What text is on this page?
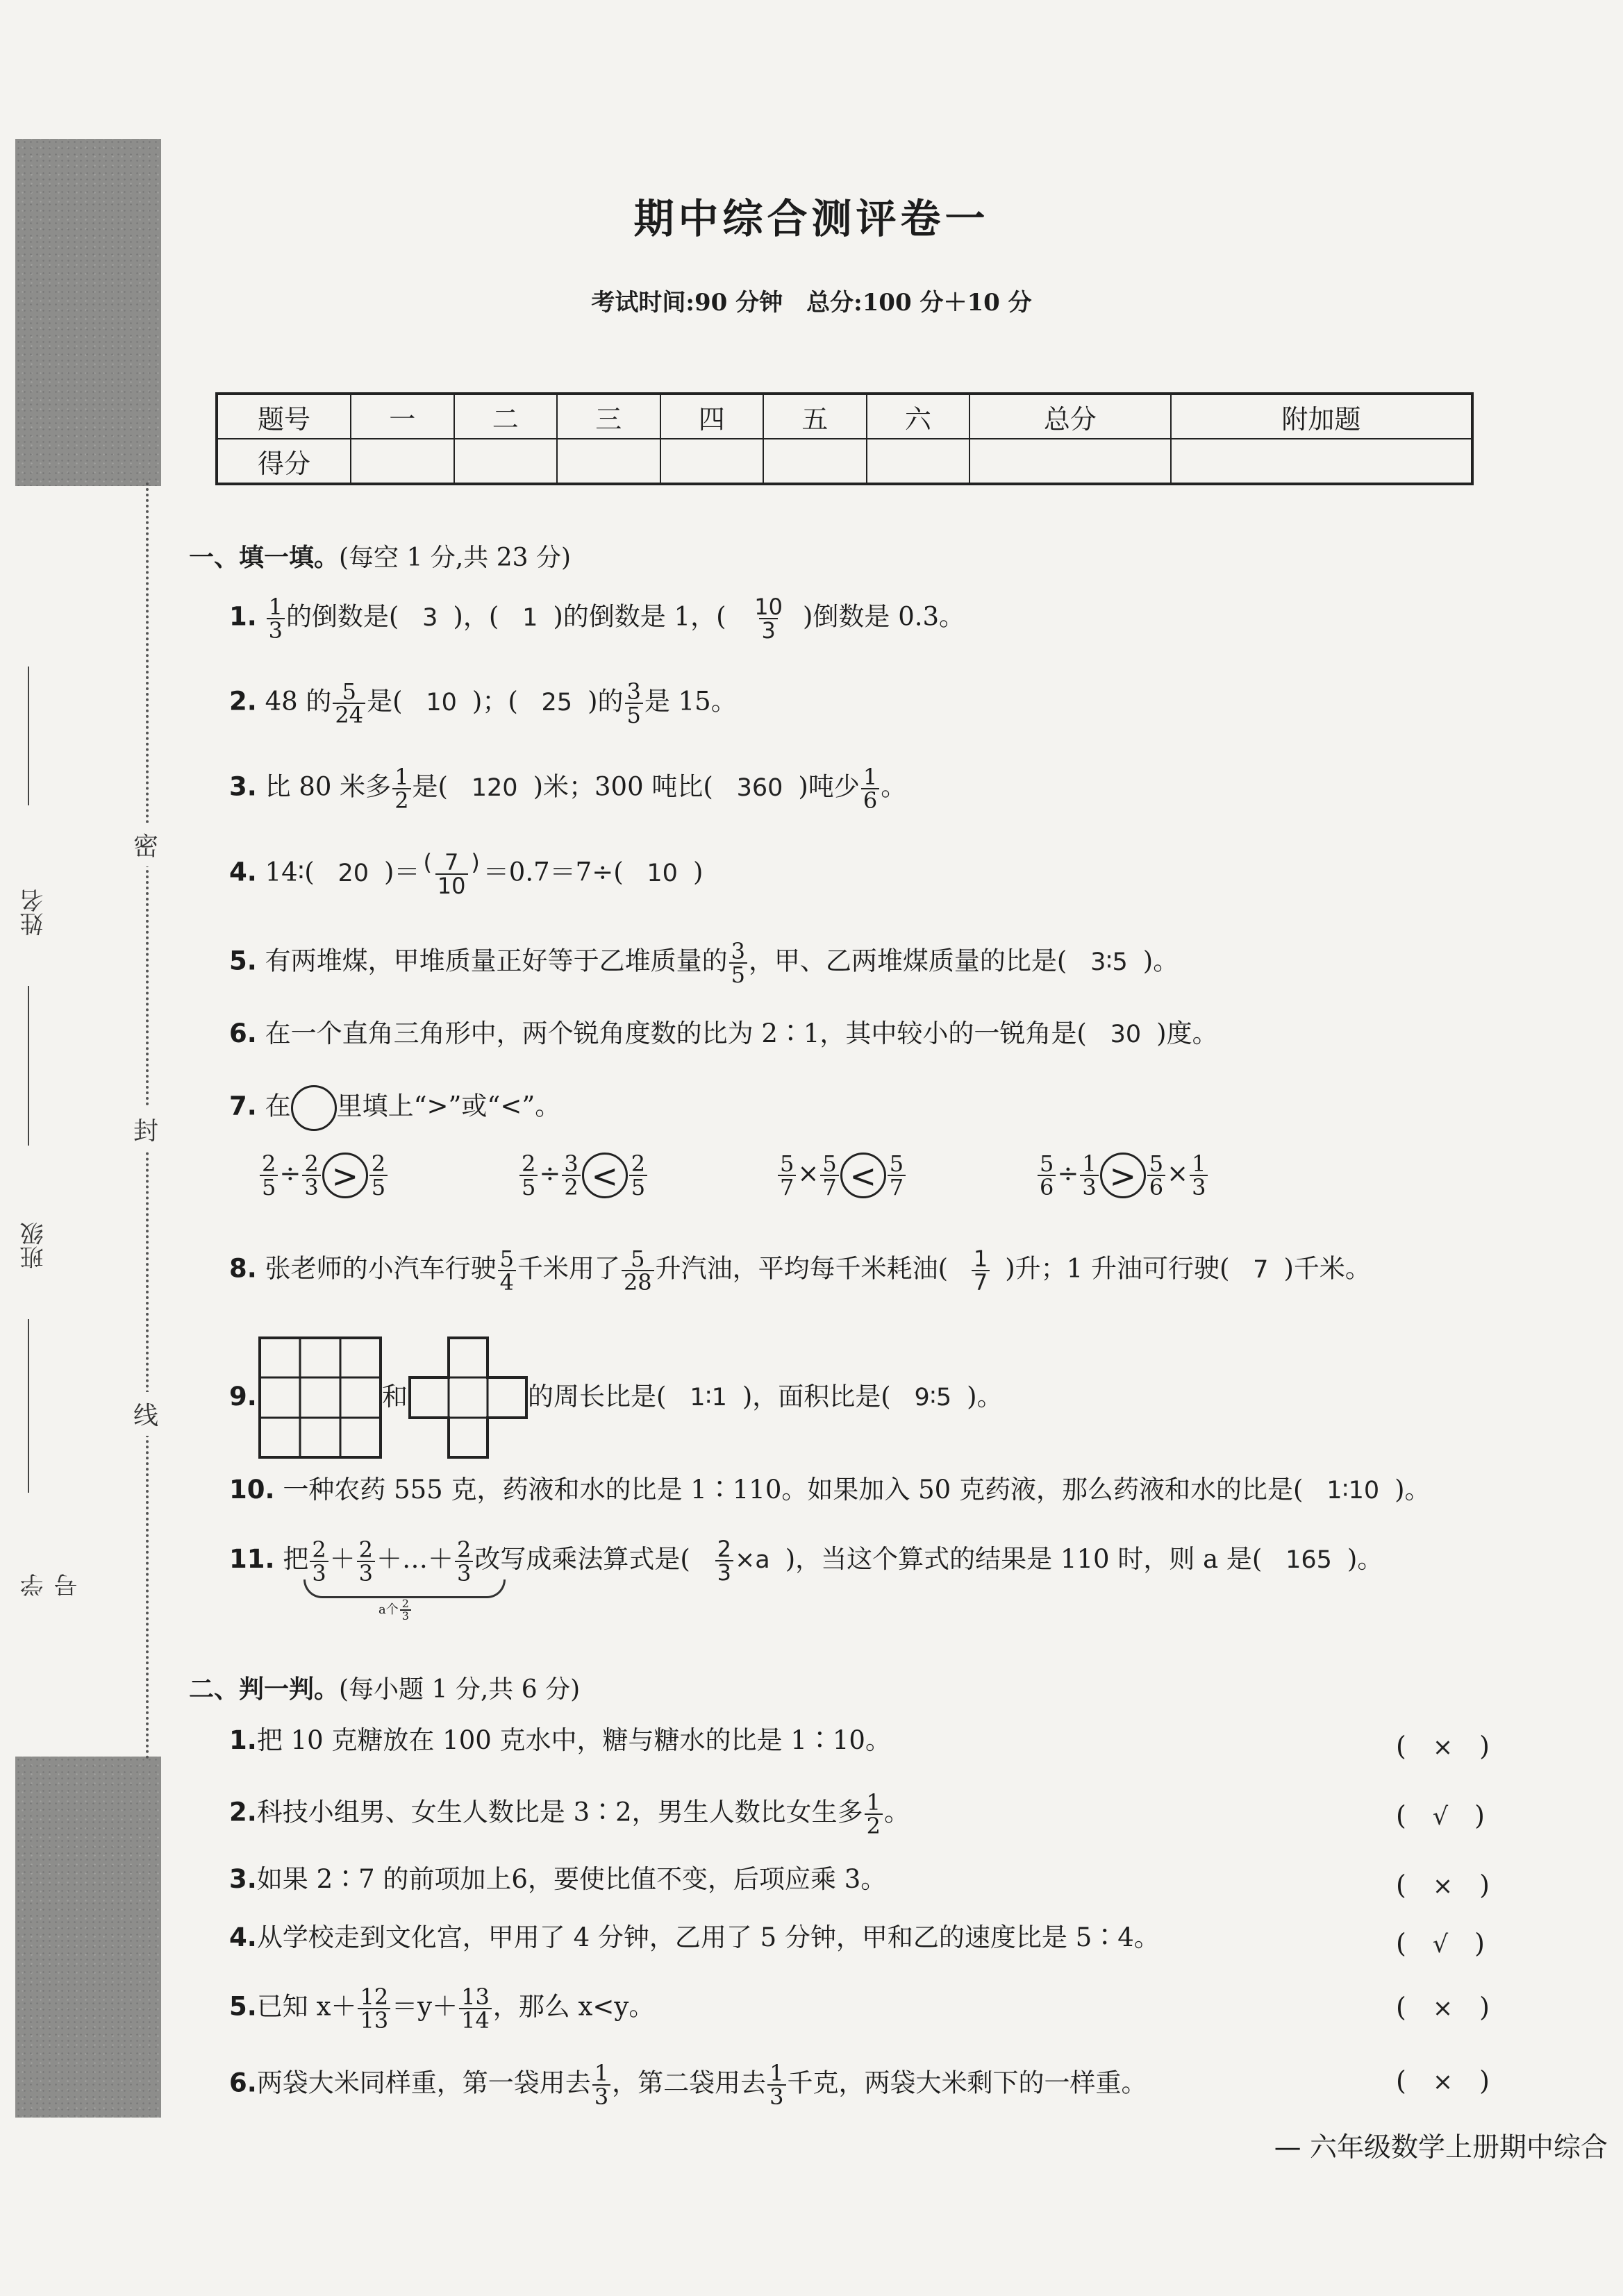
密
封
线
姓名
班级
学号
期中综合测评卷一
考试时间:90 分钟　总分:100 分＋10 分
题号	一	二	三	四	五	六	总分	附加题
得分								
一、填一填。(每空 1 分,共 23 分)
1. $\frac{1}{3}$ 的倒数是( 3 )，( 1 )的倒数是 1，( $\frac{10}{3}$ )倒数是 0.3。
2. 48 的 $\frac{5}{24}$ 是( 10 )；( 25 )的 $\frac{3}{5}$ 是 15。
3. 比 80 米多 $\frac{1}{2}$ 是( 120 )米；300 吨比( 360 )吨少 $\frac{1}{6}$ 。
4. 14∶( 20 )＝ $\frac{( 7 )}{10} =0.7=7\div$( 10 )
5. 有两堆煤，甲堆质量正好等于乙堆质量的 $\frac{3}{5}$ ，甲、乙两堆煤质量的比是( 3∶5 )。
6. 在一个直角三角形中，两个锐角度数的比为 2∶1，其中较小的一锐角是( 30 )度。
7. 在 里填上“>”或“<”。
$\frac{2}{5} \div \frac{2}{3} > \frac{2}{5}$	$\frac{2}{5} \div \frac{3}{2} < \frac{2}{5}$	$\frac{5}{7} \times \frac{5}{7} < \frac{5}{7}$	$\frac{5}{6} \div \frac{1}{3} > \frac{5}{6} \times \frac{1}{3}$
8. 张老师的小汽车行驶 $\frac{5}{4}$ 千米用了 $\frac{5}{28}$ 升汽油，平均每千米耗油( $\frac{1}{7}$ )升；1 升油可行驶( 7 )千米。
9.	和	的周长比是( 1∶1 )，面积比是( 9∶5 )。
10. 一种农药 555 克，药液和水的比是 1∶110。如果加入 50 克药液，那么药液和水的比是( 1∶10 )。
11. 把 $\frac{2}{3} + \frac{2}{3}$ ＋…＋ $\frac{2}{3}$ 改写成乘法算式是( $\frac{2}{3} \times a$ )，当这个算式的结果是 110 时，则 a 是( 165 )。
a个 $\frac{2}{3}$
二、判一判。(每小题 1 分,共 6 分)
1.把 10 克糖放在 100 克水中，糖与糖水的比是 1∶10。	(　×　)
2.科技小组男、女生人数比是 3∶2，男生人数比女生多 $\frac{1}{2}$ 。	(　√　)
3.如果 2∶7 的前项加上6，要使比值不变，后项应乘 3。	(　×　)
4.从学校走到文化宫，甲用了 4 分钟，乙用了 5 分钟，甲和乙的速度比是 5∶4。	(　√　)
5.已知 $x+ \frac{12}{13} =y+ \frac{13}{14}$ ，那么 x<y。	(　×　)
6.两袋大米同样重，第一袋用去 $\frac{1}{3}$ ，第二袋用去 $\frac{1}{3}$ 千克，两袋大米剩下的一样重。	(　×　)
— 六年级数学上册期中综合
